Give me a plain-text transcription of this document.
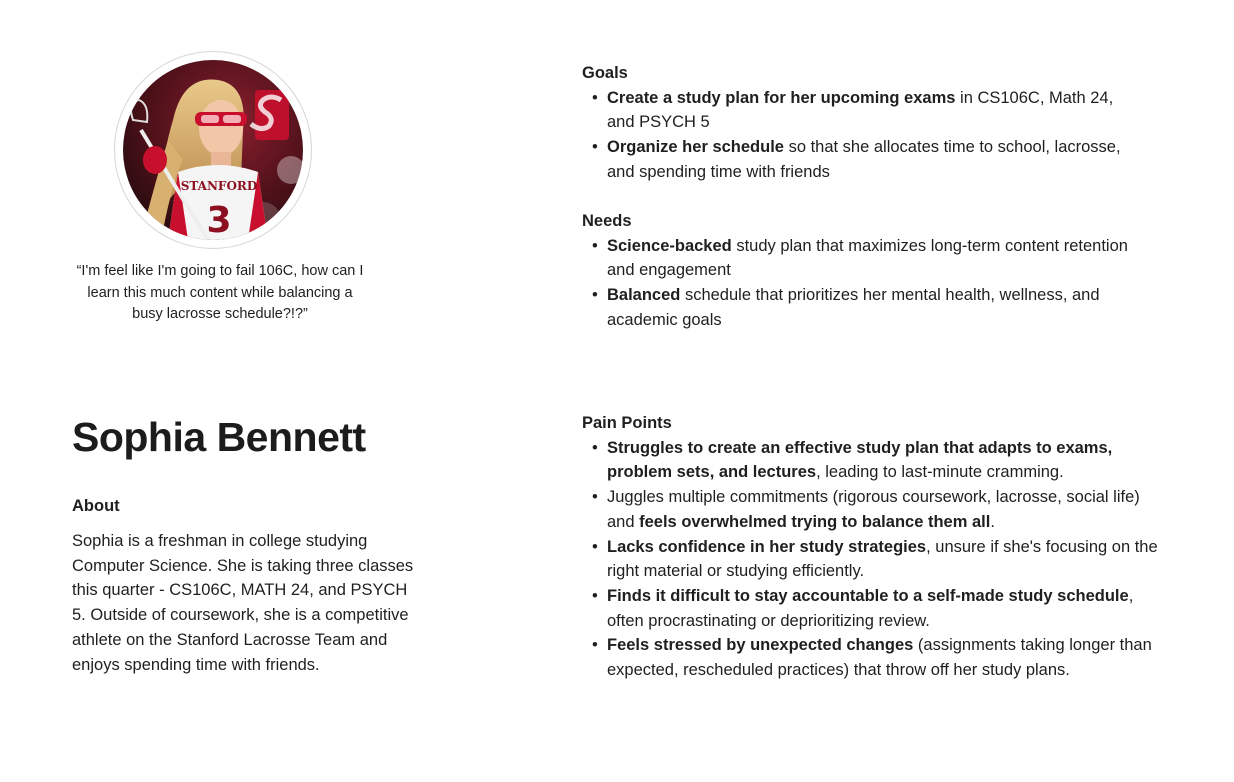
STANFORD
3
“I'm feel like I'm going to fail 106C, how can I learn this much content while balancing a busy lacrosse schedule?!?”
Sophia Bennett
About

Sophia is a freshman in college studying Computer Science. She is taking three classes this quarter - CS106C, MATH 24, and PSYCH 5. Outside of coursework, she is a competitive athlete on the Stanford Lacrosse Team and enjoys spending time with friends.

Goals
•  Create a study plan for her upcoming exams in CS106C, Math 24, and PSYCH 5
•  Organize her schedule so that she allocates time to school, lacrosse, and spending time with friends
Needs
•  Science-backed study plan that maximizes long-term content retention and engagement
•  Balanced schedule that prioritizes her mental health, wellness, and academic goals
Pain Points
• Struggles to create an effective study plan that adapts to exams, problem sets, and lectures, leading to last-minute cramming.
• Juggles multiple commitments (rigorous coursework, lacrosse, social life) and feels overwhelmed trying to balance them all.
• Lacks confidence in her study strategies, unsure if she's focusing on the right material or studying efficiently.
• Finds it difficult to stay accountable to a self-made study schedule, often procrastinating or deprioritizing review.
• Feels stressed by unexpected changes (assignments taking longer than expected, rescheduled practices) that throw off her study plans.
